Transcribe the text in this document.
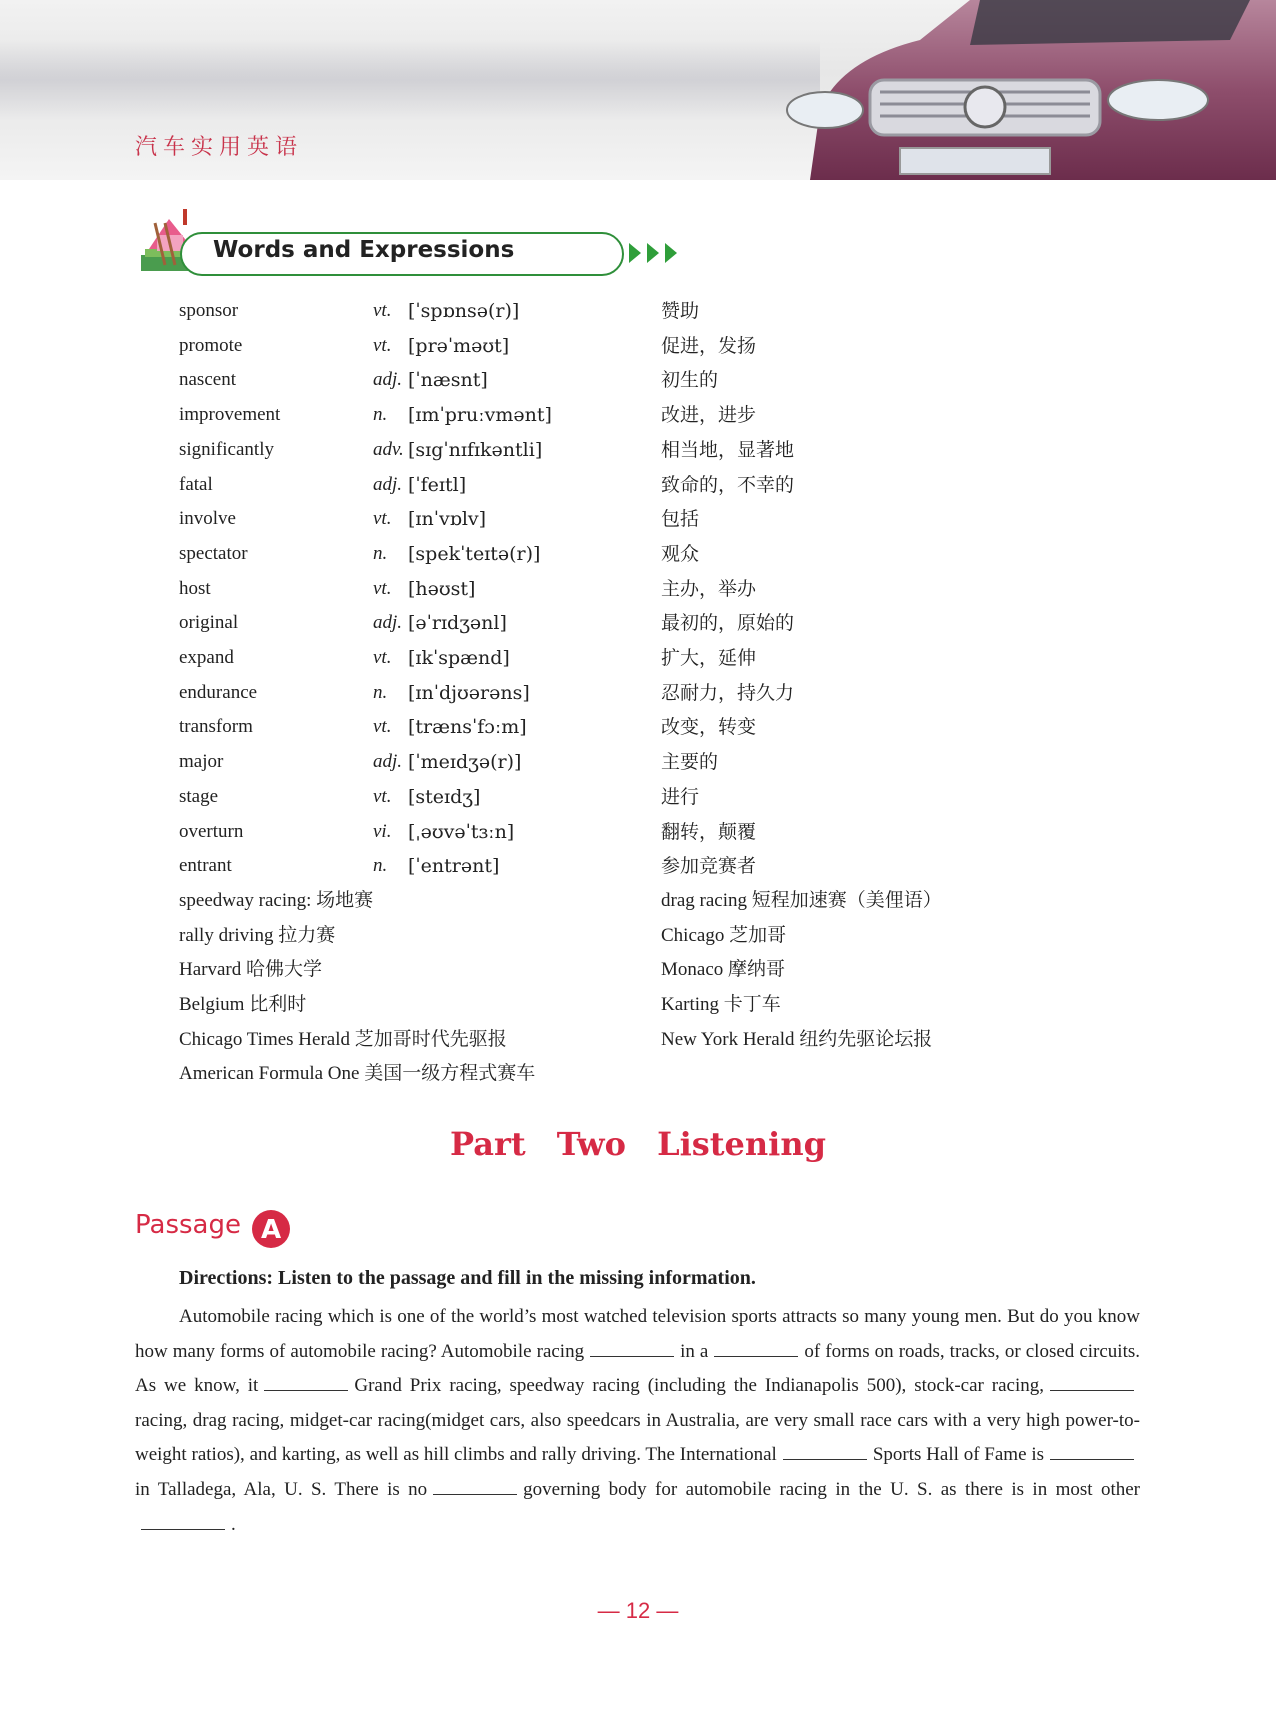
汽车实用英语
Words and Expressions
sponsor	vt. [ˈspɒnsə(r)]	赞助
promote	vt. [prəˈməʊt]	促进，发扬
nascent	adj. [ˈnæsnt]	初生的
improvement	n. [ɪmˈpruːvmənt]	改进，进步
significantly	adv. [sɪgˈnɪfɪkəntli]	相当地，显著地
fatal	adj. [ˈfeɪtl]	致命的，不幸的
involve	vt. [ɪnˈvɒlv]	包括
spectator	n. [spekˈteɪtə(r)]	观众
host	vt. [həʊst]	主办，举办
original	adj. [əˈrɪdʒənl]	最初的，原始的
expand	vt. [ɪkˈspænd]	扩大，延伸
endurance	n. [ɪnˈdjʊərəns]	忍耐力，持久力
transform	vt. [trænsˈfɔːm]	改变，转变
major	adj. [ˈmeɪdʒə(r)]	主要的
stage	vt. [steɪdʒ]	进行
overturn	vi. [ˌəʊvəˈtɜːn]	翻转，颠覆
entrant	n. [ˈentrənt]	参加竞赛者
speedway racing: 场地赛	drag racing 短程加速赛（美俚语）
rally driving 拉力赛	Chicago 芝加哥
Harvard 哈佛大学	Monaco 摩纳哥
Belgium 比利时	Karting 卡丁车
Chicago Times Herald 芝加哥时代先驱报	New York Herald 纽约先驱论坛报
American Formula One 美国一级方程式赛车
Part Two Listening
Passage A
Directions: Listen to the passage and fill in the missing information.
Automobile racing which is one of the world’s most watched television sports attracts so many young men. But do you know how many forms of automobile racing? Automobile racing	in a	of forms on roads, tracks, or closed circuits. As we know, it	Grand Prix racing, speedway racing (including the Indianapolis 500), stock-car racing,racing, drag racing, midget-car racing(midget cars, also speedcars in Australia, are very small race cars with a very high power-to-weight ratios), and karting, as well as hill climbs and rally driving. The International	Sports Hall of Fame isin Talladega, Ala, U. S. There is no	governing body for automobile racing in the U. S. as there is in most other.
— 12 —
